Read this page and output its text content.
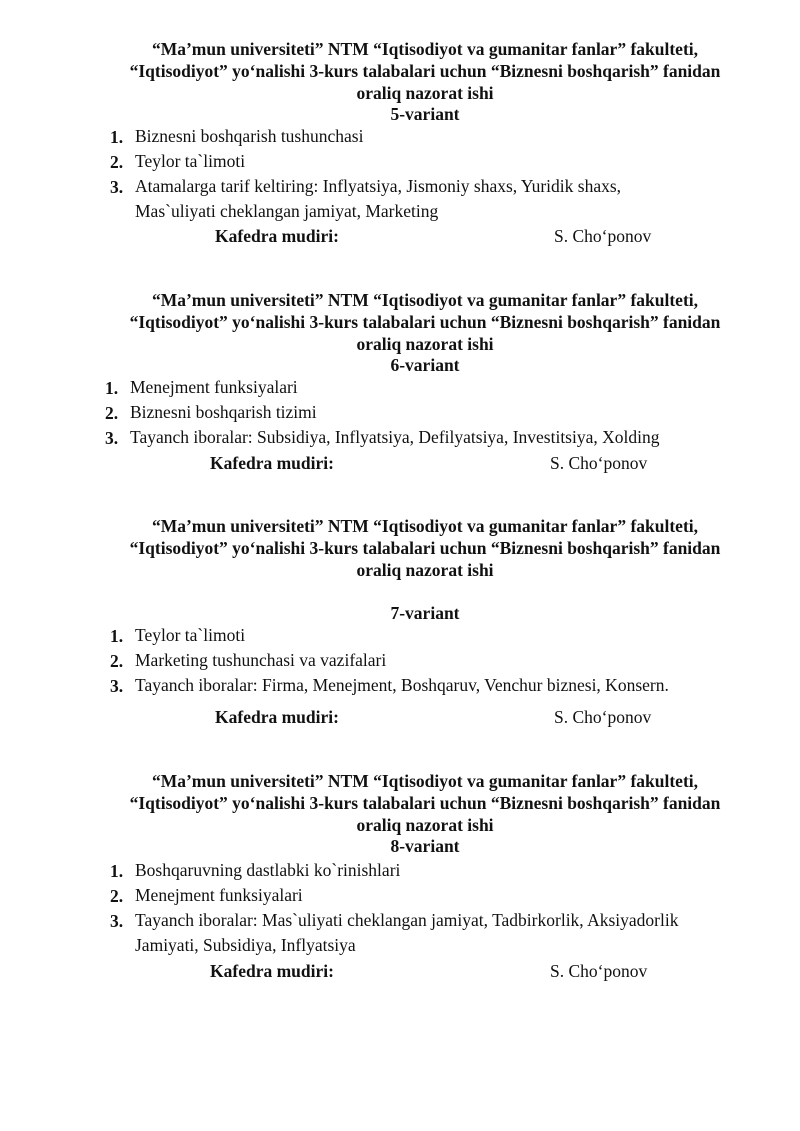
“Ma’mun universiteti” NTM “Iqtisodiyot va gumanitar fanlar” fakulteti,
“Iqtisodiyot” yo‘nalishi 3-kurs talabalari uchun “Biznesni boshqarish” fanidan
oraliq nazorat ishi
5-variant
1. Biznesni boshqarish tushunchasi
2. Teylor ta`limoti
3. Atamalarga tarif keltiring: Inflyatsiya, Jismoniy shaxs, Yuridik shaxs,
Mas`uliyati cheklangan jamiyat, Marketing
Kafedra mudiri:	S. Cho‘ponov
“Ma’mun universiteti” NTM “Iqtisodiyot va gumanitar fanlar” fakulteti,
“Iqtisodiyot” yo‘nalishi 3-kurs talabalari uchun “Biznesni boshqarish” fanidan
oraliq nazorat ishi
6-variant
1. Menejment funksiyalari
2. Biznesni boshqarish tizimi
3. Tayanch iboralar: Subsidiya, Inflyatsiya, Defilyatsiya, Investitsiya, Xolding
Kafedra mudiri:	S. Cho‘ponov
“Ma’mun universiteti” NTM “Iqtisodiyot va gumanitar fanlar” fakulteti,
“Iqtisodiyot” yo‘nalishi 3-kurs talabalari uchun “Biznesni boshqarish” fanidan
oraliq nazorat ishi
7-variant
1. Teylor ta`limoti
2. Marketing tushunchasi va vazifalari
3. Tayanch iboralar: Firma, Menejment, Boshqaruv, Venchur biznesi, Konsern.
Kafedra mudiri:	S. Cho‘ponov
“Ma’mun universiteti” NTM “Iqtisodiyot va gumanitar fanlar” fakulteti,
“Iqtisodiyot” yo‘nalishi 3-kurs talabalari uchun “Biznesni boshqarish” fanidan
oraliq nazorat ishi
8-variant
1. Boshqaruvning dastlabki ko`rinishlari
2. Menejment funksiyalari
3. Tayanch iboralar: Mas`uliyati cheklangan jamiyat, Tadbirkorlik, Aksiyadorlik
Jamiyati, Subsidiya, Inflyatsiya
Kafedra mudiri:	S. Cho‘ponov
